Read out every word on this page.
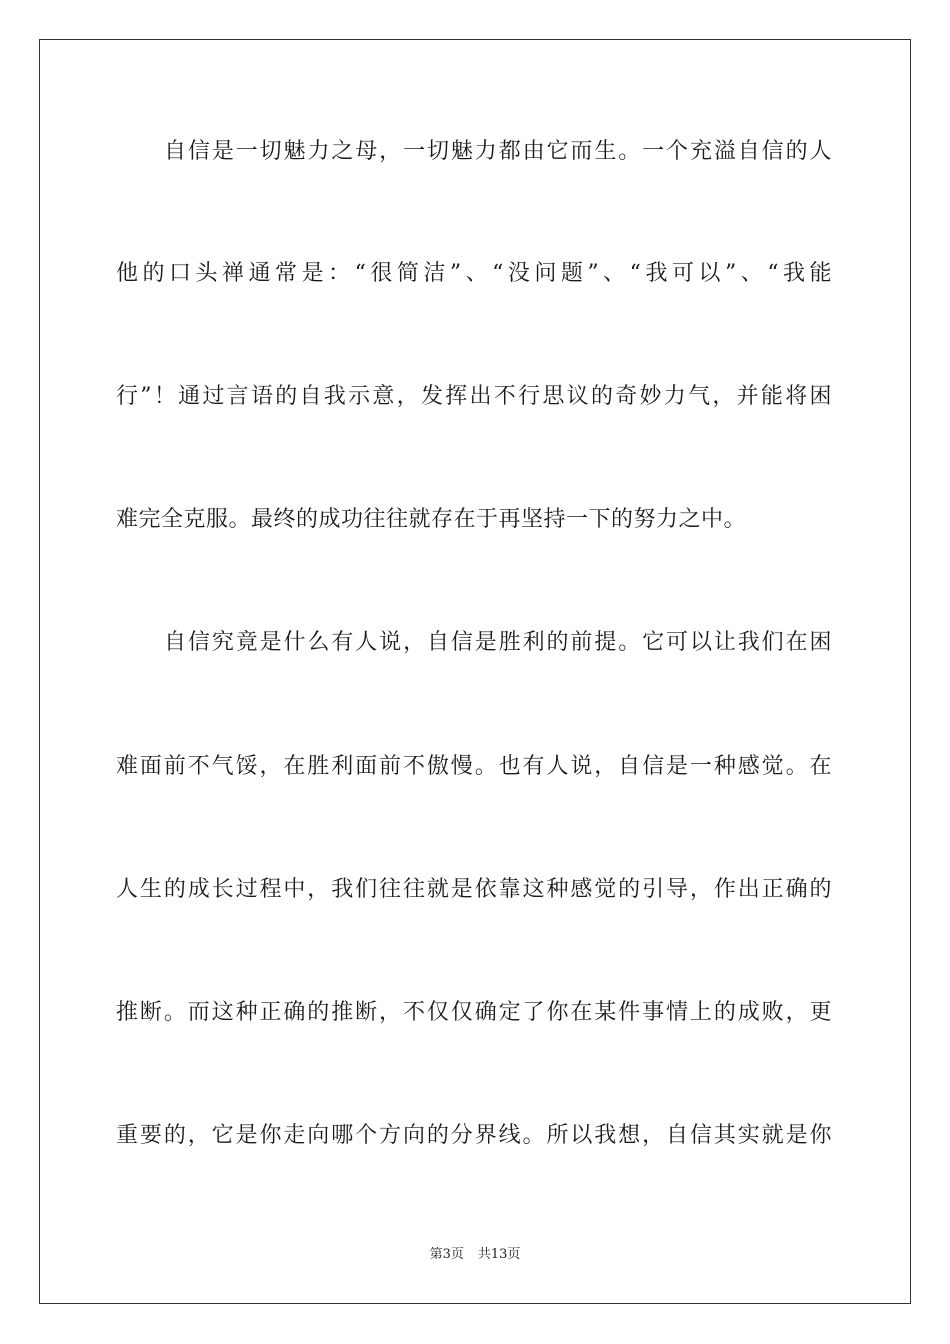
自信是一切魅力之母，一切魅力都由它而生。一个充溢自信的人
他的口头禅通常是：“很简洁”、“没问题”、“我可以”、“我能
行”！通过言语的自我示意，发挥出不行思议的奇妙力气，并能将困
难完全克服。最终的成功往往就存在于再坚持一下的努力之中。
自信究竟是什么有人说，自信是胜利的前提。它可以让我们在困
难面前不气馁，在胜利面前不傲慢。也有人说，自信是一种感觉。在
人生的成长过程中，我们往往就是依靠这种感觉的引导，作出正确的
推断。而这种正确的推断，不仅仅确定了你在某件事情上的成败，更
重要的，它是你走向哪个方向的分界线。所以我想，自信其实就是你
第3页 共13页
